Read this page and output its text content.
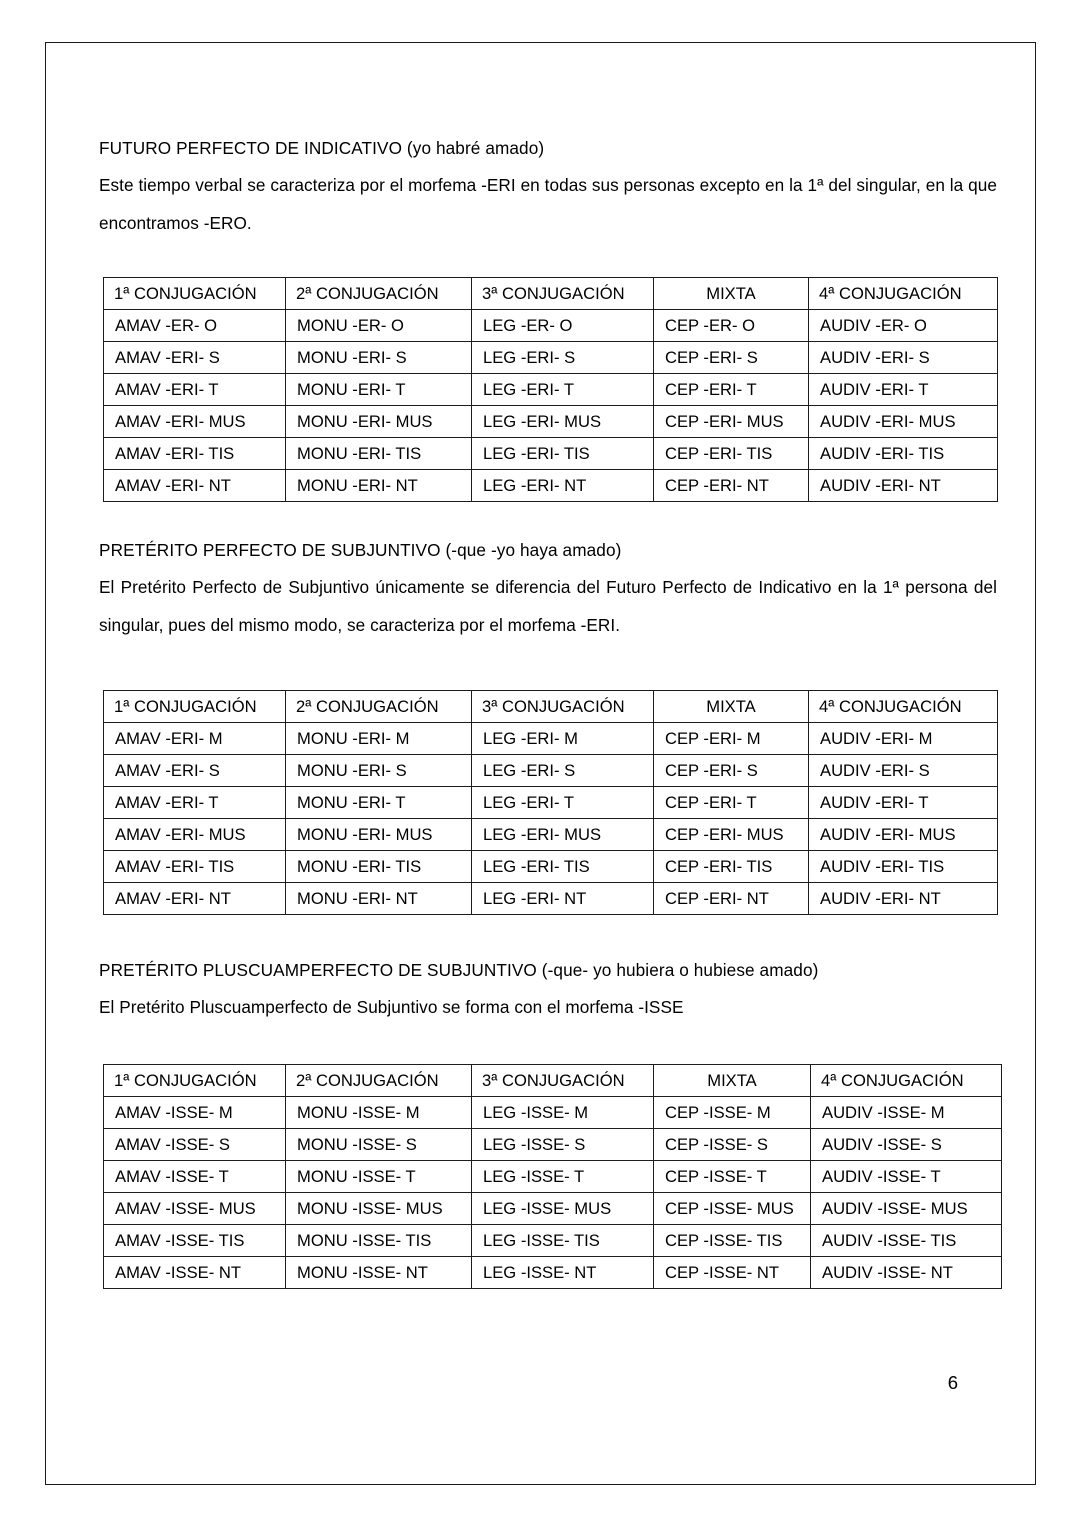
FUTURO PERFECTO DE INDICATIVO (yo habré amado)
Este tiempo verbal se caracteriza por el morfema -ERI en todas sus personas excepto en la 1ª del singular, en la que encontramos -ERO.
1ª CONJUGACIÓN	2ª CONJUGACIÓN	3ª CONJUGACIÓN	MIXTA	4ª CONJUGACIÓN
AMAV -ER- O	MONU -ER- O	LEG -ER- O	CEP -ER- O	AUDIV -ER- O
AMAV -ERI- S	MONU -ERI- S	LEG -ERI- S	CEP -ERI- S	AUDIV -ERI- S
AMAV -ERI- T	MONU -ERI- T	LEG -ERI- T	CEP -ERI- T	AUDIV -ERI- T
AMAV -ERI- MUS	MONU -ERI- MUS	LEG -ERI- MUS	CEP -ERI- MUS	AUDIV -ERI- MUS
AMAV -ERI- TIS	MONU -ERI- TIS	LEG -ERI- TIS	CEP -ERI- TIS	AUDIV -ERI- TIS
AMAV -ERI- NT	MONU -ERI- NT	LEG -ERI- NT	CEP -ERI- NT	AUDIV -ERI- NT
PRETÉRITO PERFECTO DE SUBJUNTIVO (-que -yo haya amado)
El Pretérito Perfecto de Subjuntivo únicamente se diferencia del Futuro Perfecto de Indicativo en la 1ª persona del singular, pues del mismo modo, se caracteriza por el morfema -ERI.
1ª CONJUGACIÓN	2ª CONJUGACIÓN	3ª CONJUGACIÓN	MIXTA	4ª CONJUGACIÓN
AMAV -ERI- M	MONU -ERI- M	LEG -ERI- M	CEP -ERI- M	AUDIV -ERI- M
AMAV -ERI- S	MONU -ERI- S	LEG -ERI- S	CEP -ERI- S	AUDIV -ERI- S
AMAV -ERI- T	MONU -ERI- T	LEG -ERI- T	CEP -ERI- T	AUDIV -ERI- T
AMAV -ERI- MUS	MONU -ERI- MUS	LEG -ERI- MUS	CEP -ERI- MUS	AUDIV -ERI- MUS
AMAV -ERI- TIS	MONU -ERI- TIS	LEG -ERI- TIS	CEP -ERI- TIS	AUDIV -ERI- TIS
AMAV -ERI- NT	MONU -ERI- NT	LEG -ERI- NT	CEP -ERI- NT	AUDIV -ERI- NT
PRETÉRITO PLUSCUAMPERFECTO DE SUBJUNTIVO (-que- yo hubiera o hubiese amado)
El Pretérito Pluscuamperfecto de Subjuntivo se forma con el morfema -ISSE
1ª CONJUGACIÓN	2ª CONJUGACIÓN	3ª CONJUGACIÓN	MIXTA	4ª CONJUGACIÓN
AMAV -ISSE- M	MONU -ISSE- M	LEG -ISSE- M	CEP -ISSE- M	AUDIV -ISSE- M
AMAV -ISSE- S	MONU -ISSE- S	LEG -ISSE- S	CEP -ISSE- S	AUDIV -ISSE- S
AMAV -ISSE- T	MONU -ISSE- T	LEG -ISSE- T	CEP -ISSE- T	AUDIV -ISSE- T
AMAV -ISSE- MUS	MONU -ISSE- MUS	LEG -ISSE- MUS	CEP -ISSE- MUS	AUDIV -ISSE- MUS
AMAV -ISSE- TIS	MONU -ISSE- TIS	LEG -ISSE- TIS	CEP -ISSE- TIS	AUDIV -ISSE- TIS
AMAV -ISSE- NT	MONU -ISSE- NT	LEG -ISSE- NT	CEP -ISSE- NT	AUDIV -ISSE- NT
6
